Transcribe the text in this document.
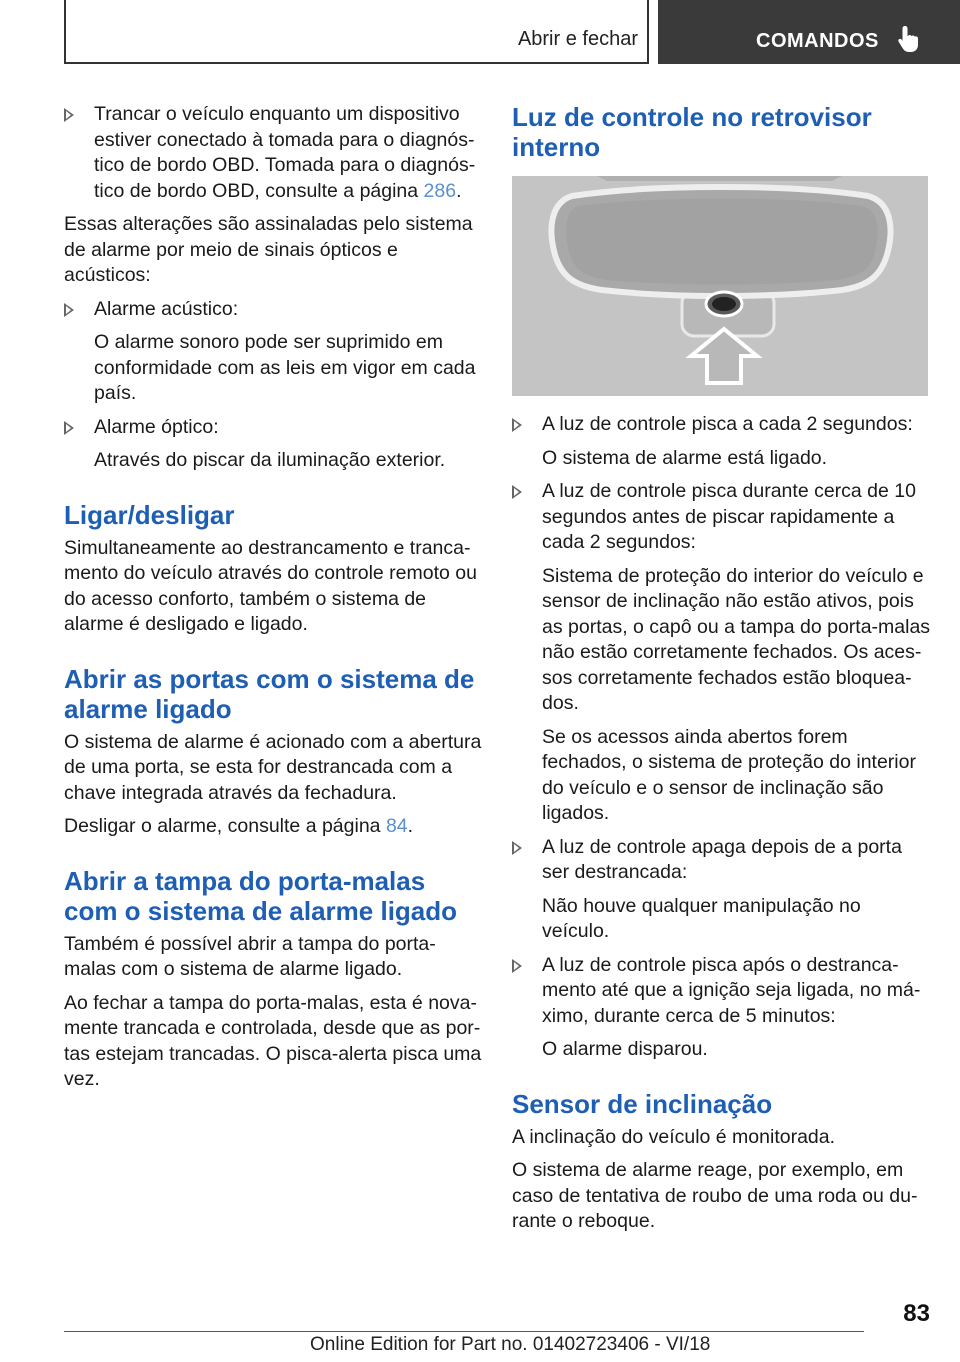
Abrir e fechar	COMANDOS

Trancar o veículo enquanto um dispositivo estiver conectado à tomada para o diagnóstico de bordo OBD. Tomada para o diagnóstico de bordo OBD, consulte a página 286.

Essas alterações são assinaladas pelo sistema de alarme por meio de sinais ópticos e acústicos:

Alarme acústico:

O alarme sonoro pode ser suprimido em conformidade com as leis em vigor em cada país.

Alarme óptico:

Através do piscar da iluminação exterior.

Ligar/desligar

Simultaneamente ao destrancamento e trancamento do veículo através do controle remoto ou do acesso conforto, também o sistema de alarme é desligado e ligado.

Abrir as portas com o sistema de alarme ligado

O sistema de alarme é acionado com a abertura de uma porta, se esta for destrancada com a chave integrada através da fechadura.

Desligar o alarme, consulte a página 84.

Abrir a tampa do porta-malas com o sistema de alarme ligado

Também é possível abrir a tampa do porta-malas com o sistema de alarme ligado.

Ao fechar a tampa do porta-malas, esta é novamente trancada e controlada, desde que as portas estejam trancadas. O pisca-alerta pisca uma vez.

Luz de controle no retrovisor interno

A luz de controle pisca a cada 2 segundos:

O sistema de alarme está ligado.

A luz de controle pisca durante cerca de 10 segundos antes de piscar rapidamente a cada 2 segundos:

Sistema de proteção do interior do veículo e sensor de inclinação não estão ativos, pois as portas, o capô ou a tampa do porta-malas não estão corretamente fechados. Os acessos corretamente fechados estão bloqueados.

Se os acessos ainda abertos forem fechados, o sistema de proteção do interior do veículo e o sensor de inclinação são ligados.

A luz de controle apaga depois de a porta ser destrancada:

Não houve qualquer manipulação no veículo.

A luz de controle pisca após o destrancamento até que a ignição seja ligada, no máximo, durante cerca de 5 minutos:

O alarme disparou.

Sensor de inclinação

A inclinação do veículo é monitorada.

O sistema de alarme reage, por exemplo, em caso de tentativa de roubo de uma roda ou durante o reboque.

83
Online Edition for Part no. 01402723406 - VI/18
